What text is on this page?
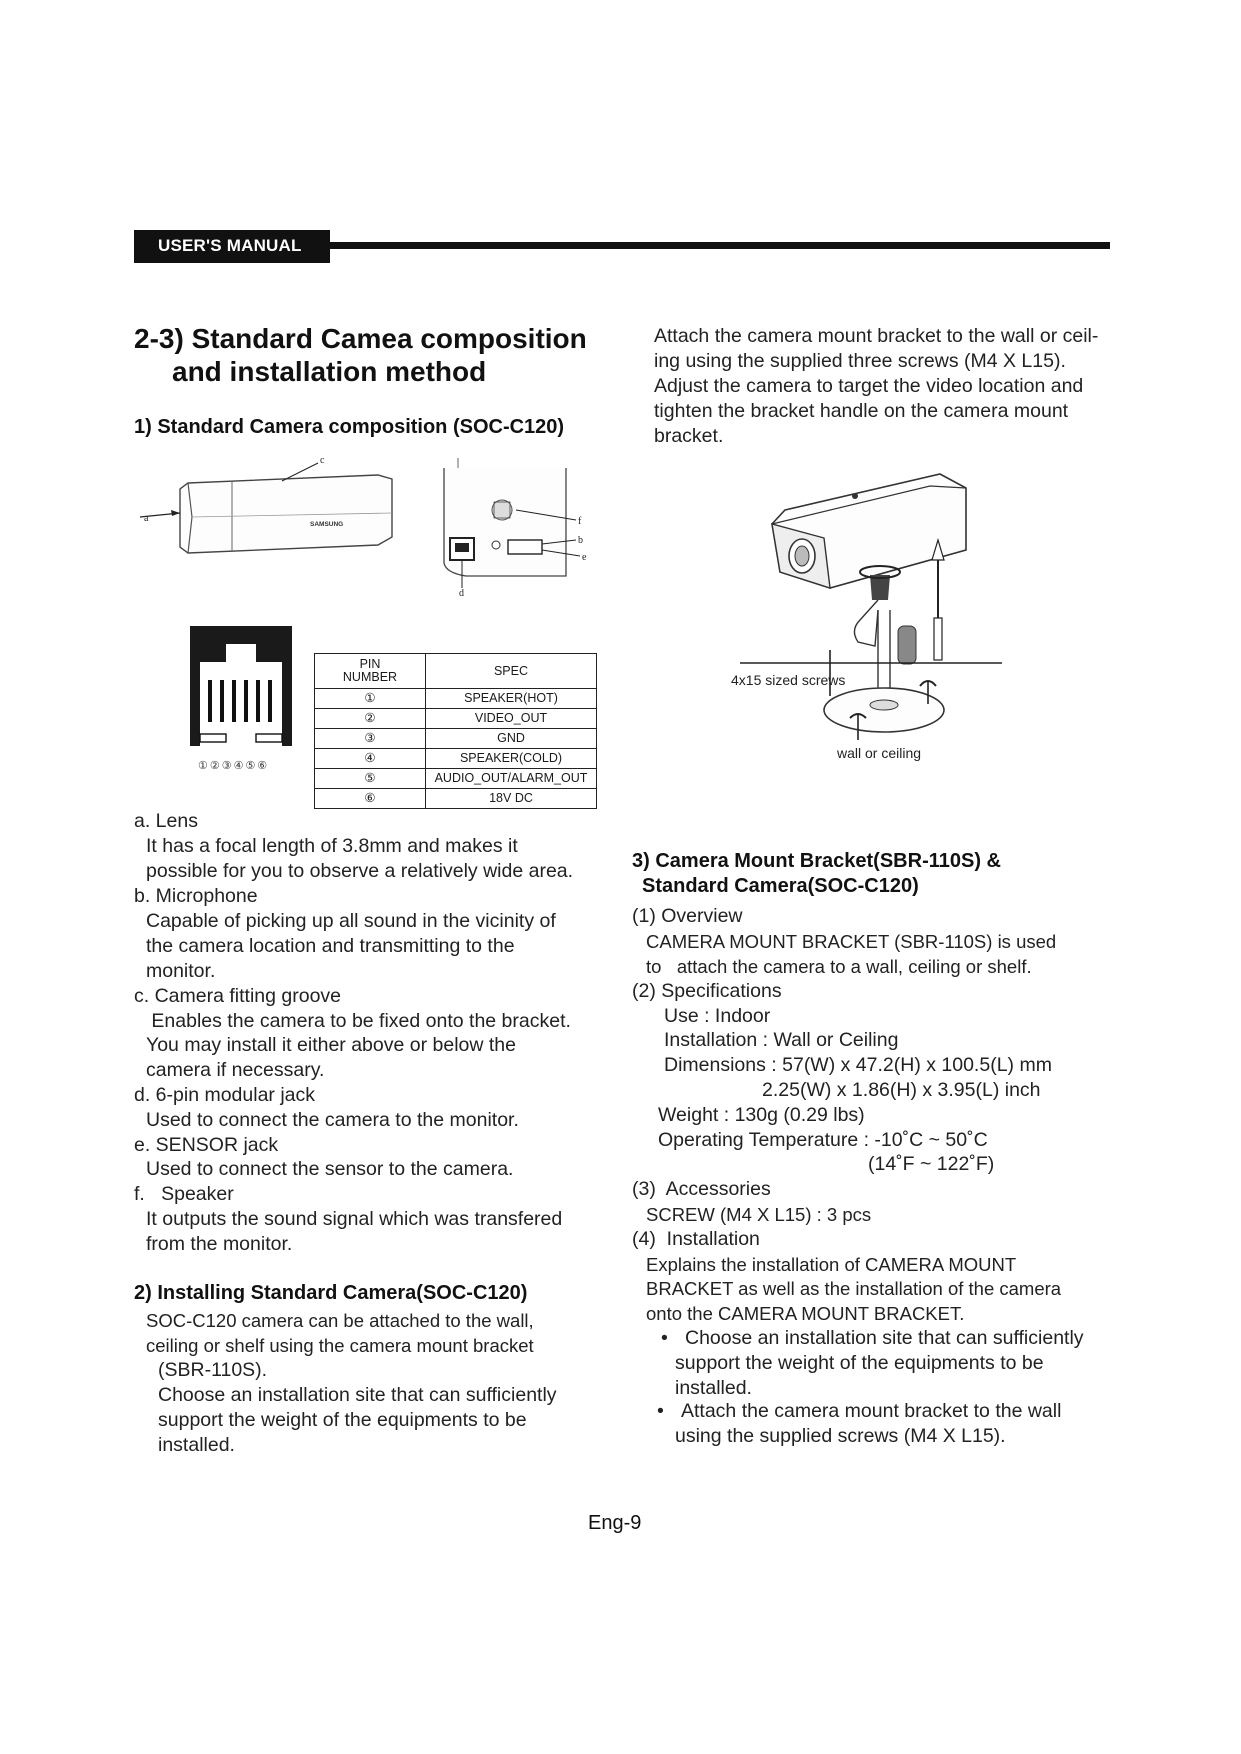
USER'S MANUAL
2-3) Standard Camea composition
and installation method
1) Standard Camera composition (SOC-C120)
a
c
SAMSUNG	f
b
e
d
①②③④⑤⑥
PIN
NUMBER	SPEC
①	SPEAKER(HOT)
②	VIDEO_OUT
③	GND
④	SPEAKER(COLD)
⑤	AUDIO_OUT/ALARM_OUT
⑥	18V DC
a. Lens
It has a focal length of 3.8mm and makes it
possible for you to observe a relatively wide area.
b. Microphone
Capable of picking up all sound in the vicinity of
the camera location and transmitting to the
monitor.
c. Camera fitting groove
Enables the camera to be fixed onto the bracket.
You may install it either above or below the
camera if necessary.
d. 6-pin modular jack
Used to connect the camera to the monitor.
e. SENSOR jack
Used to connect the sensor to the camera.
f.   Speaker
It outputs the sound signal which was transfered
from the monitor.
2) Installing Standard Camera(SOC-C120)
SOC-C120 camera can be attached to the wall,
ceiling or shelf using the camera mount bracket
(SBR-110S).
Choose an installation site that can sufficiently
support the weight of the equipments to be
installed.
Attach the camera mount bracket to the wall or ceil-
ing using the supplied three screws (M4 X L15).
Adjust the camera to target the video location and
tighten the bracket handle on the camera mount
bracket.
4x15 sized screws
wall or ceiling
3) Camera Mount Bracket(SBR-110S) &
Standard Camera(SOC-C120)
(1) Overview
CAMERA MOUNT BRACKET (SBR-110S) is used
to   attach the camera to a wall, ceiling or shelf.
(2) Specifications
Use : Indoor
Installation : Wall or Ceiling
Dimensions : 57(W) x 47.2(H) x 100.5(L) mm
2.25(W) x 1.86(H) x 3.95(L) inch
Weight : 130g (0.29 lbs)
Operating Temperature : -10˚C ~ 50˚C
(14˚F ~ 122˚F)
(3)  Accessories
SCREW (M4 X L15) : 3 pcs
(4)  Installation
Explains the installation of CAMERA MOUNT
BRACKET as well as the installation of the camera
onto the CAMERA MOUNT BRACKET.
• Choose an installation site that can sufficiently
support the weight of the equipments to be
installed.
• Attach the camera mount bracket to the wall
using the supplied screws (M4 X L15).
Eng-9
